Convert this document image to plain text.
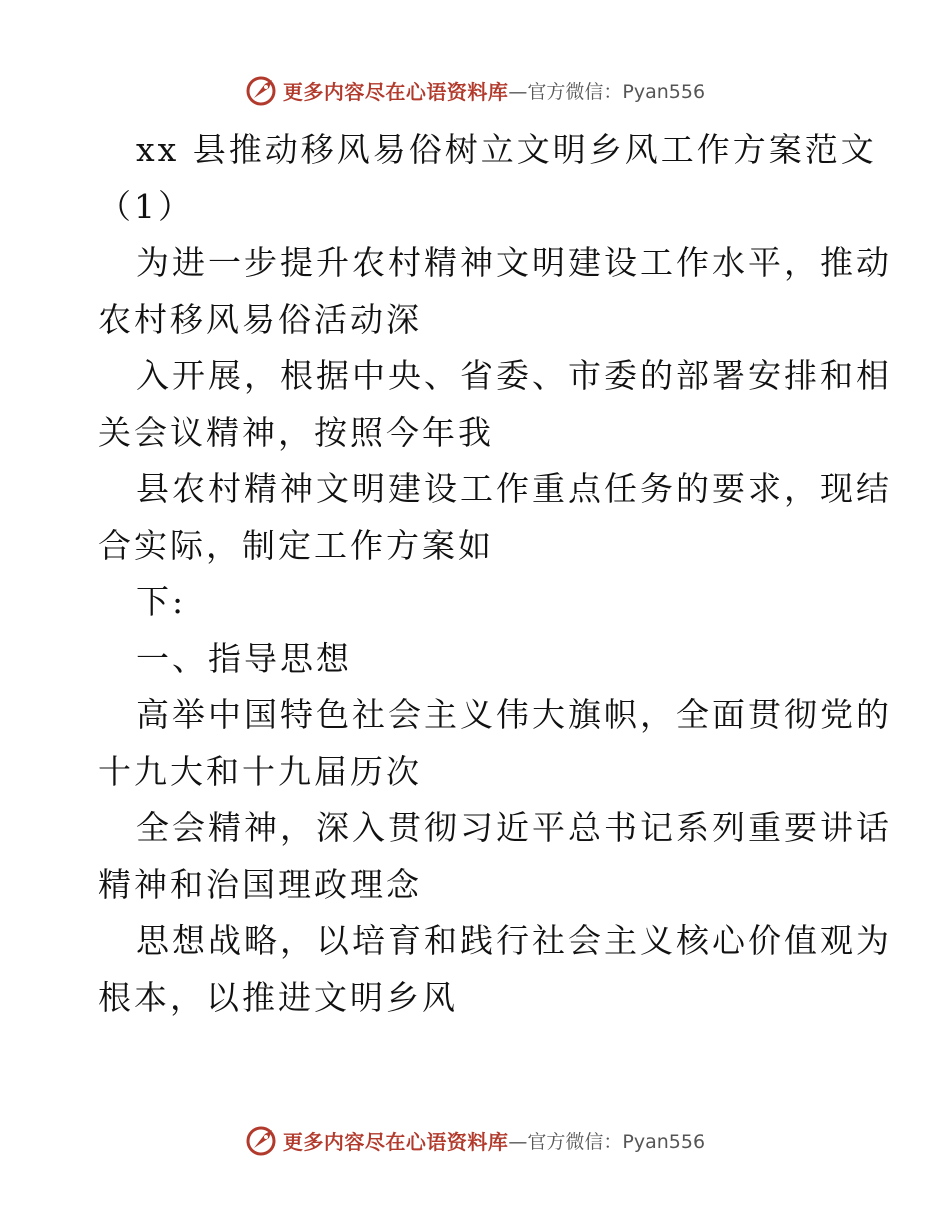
更多内容尽在心语资料库 —官方微信：Pyan556
xx 县推动移风易俗树立文明乡风工作方案范文
（1）
为进一步提升农村精神文明建设工作水平，推动
农村移风易俗活动深
入开展，根据中央、省委、市委的部署安排和相
关会议精神，按照今年我
县农村精神文明建设工作重点任务的要求，现结
合实际，制定工作方案如
下:
一、指导思想
高举中国特色社会主义伟大旗帜，全面贯彻党的
十九大和十九届历次
全会精神，深入贯彻习近平总书记系列重要讲话
精神和治国理政理念
思想战略，以培育和践行社会主义核心价值观为
根本，以推进文明乡风
更多内容尽在心语资料库 —官方微信：Pyan556
